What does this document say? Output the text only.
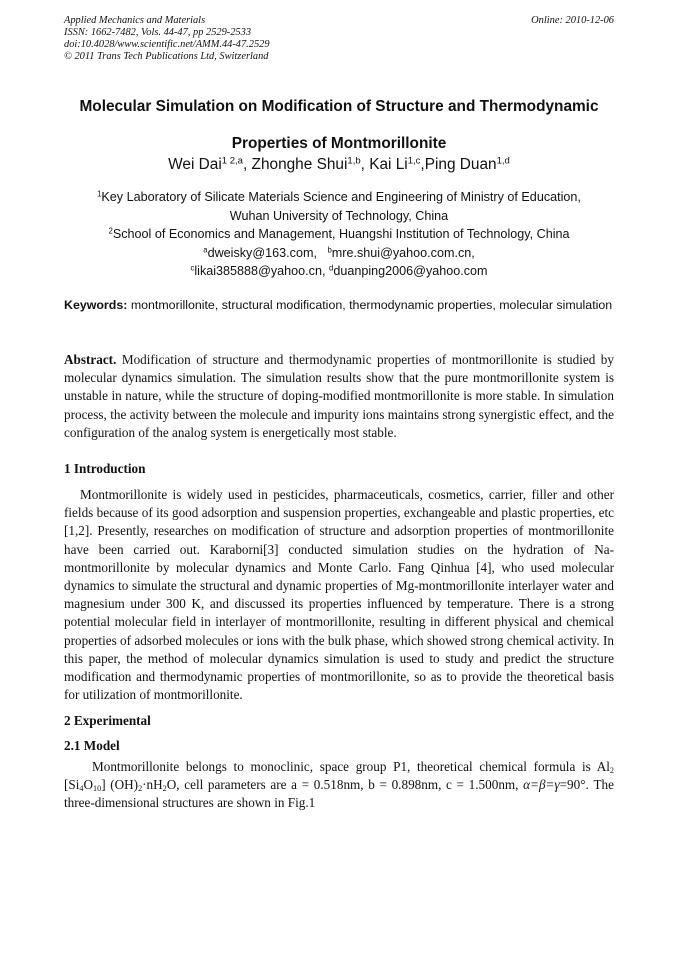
Applied Mechanics and Materials
ISSN: 1662-7482, Vols. 44-47, pp 2529-2533
doi:10.4028/www.scientific.net/AMM.44-47.2529
© 2011 Trans Tech Publications Ltd, Switzerland
Online: 2010-12-06
Molecular Simulation on Modification of Structure and Thermodynamic
Properties of Montmorillonite
Wei Dai$^{1 2,a}$, Zhonghe Shui$^{1,b}$, Kai Li$^{1,c}$,Ping Duan$^{1,d}$
$^1$Key Laboratory of Silicate Materials Science and Engineering of Ministry of Education,
Wuhan University of Technology, China
$^2$School of Economics and Management, Huangshi Institution of Technology, China
$^a$dweisky@163.com, $^b$mre.shui@yahoo.com.cn,
$^c$likai385888@yahoo.cn, $^d$duanping2006@yahoo.com
Keywords: montmorillonite, structural modification, thermodynamic properties, molecular simulation
Abstract. Modification of structure and thermodynamic properties of montmorillonite is studied by molecular dynamics simulation. The simulation results show that the pure montmorillonite system is unstable in nature, while the structure of doping-modified montmorillonite is more stable. In simulation process, the activity between the molecule and impurity ions maintains strong synergistic effect, and the configuration of the analog system is energetically most stable.
1 Introduction
Montmorillonite is widely used in pesticides, pharmaceuticals, cosmetics, carrier, filler and other fields because of its good adsorption and suspension properties, exchangeable and plastic properties, etc [1,2]. Presently, researches on modification of structure and adsorption properties of montmorillonite have been carried out. Karaborni[3] conducted simulation studies on the hydration of Na-montmorillonite by molecular dynamics and Monte Carlo. Fang Qinhua [4], who used molecular dynamics to simulate the structural and dynamic properties of Mg-montmorillonite interlayer water and magnesium under 300 K, and discussed its properties influenced by temperature. There is a strong potential molecular field in interlayer of montmorillonite, resulting in different physical and chemical properties of adsorbed molecules or ions with the bulk phase, which showed strong chemical activity. In this paper, the method of molecular dynamics simulation is used to study and predict the structure modification and thermodynamic properties of montmorillonite, so as to provide the theoretical basis for utilization of montmorillonite.
2 Experimental
2.1 Model
Montmorillonite belongs to monoclinic, space group P1, theoretical chemical formula is $Al_2$ $[Si_4O_{10}]$ $(OH)_2\cdot nH_2O$, cell parameters are a = 0.518nm, b = 0.898nm, c = 1.500nm, α=β=γ=90°. The three-dimensional structures are shown in Fig.1
